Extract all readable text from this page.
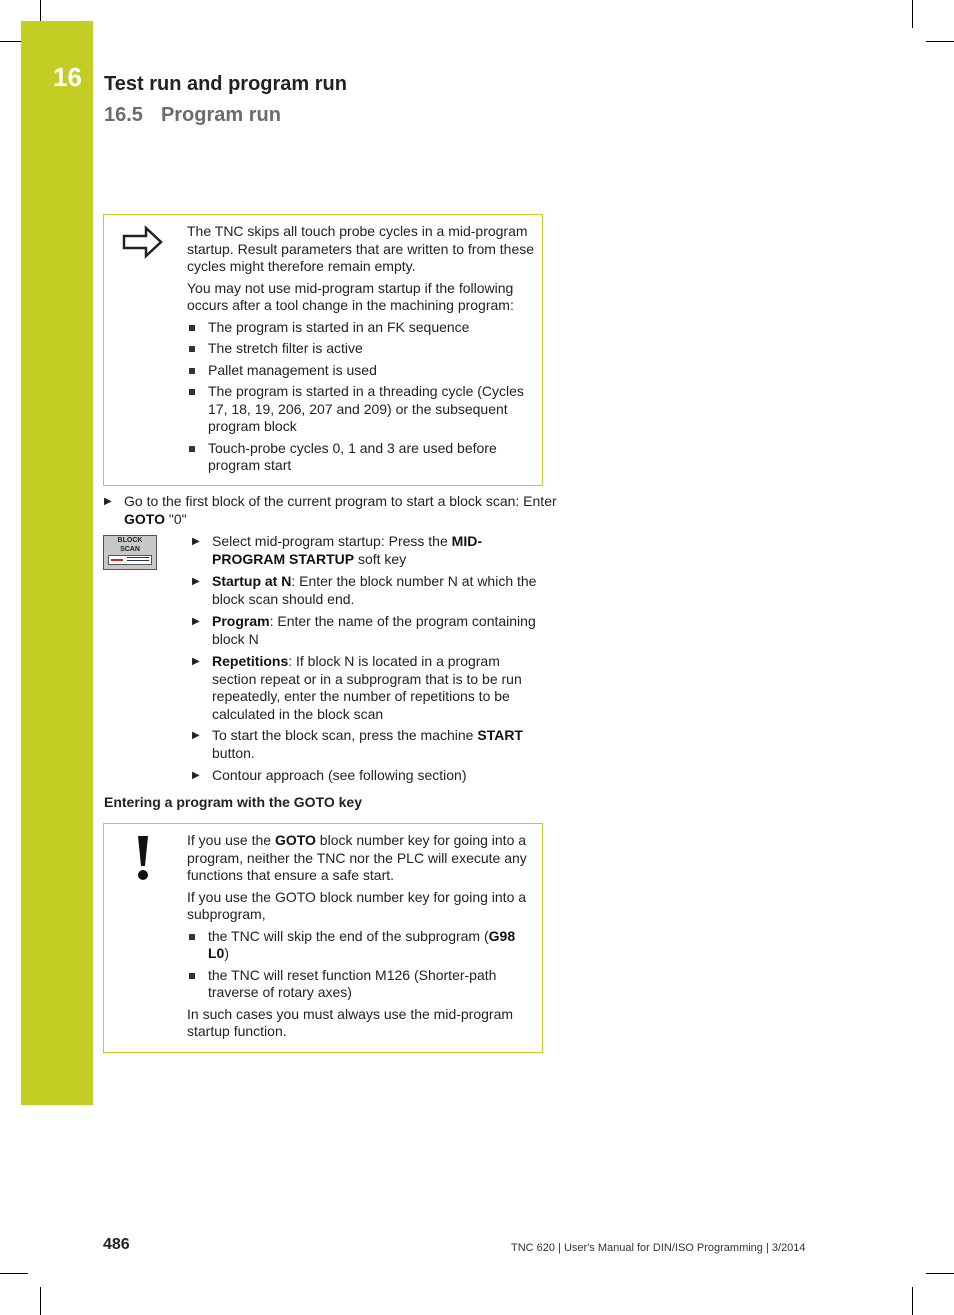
16 Test run and program run
16.5 Program run

The TNC skips all touch probe cycles in a mid-program startup. Result parameters that are written to from these cycles might therefore remain empty.

You may not use mid-program startup if the following occurs after a tool change in the machining program:

The program is started in an FK sequence
The stretch filter is active
Pallet management is used
The program is started in a threading cycle (Cycles 17, 18, 19, 206, 207 and 209) or the subsequent program block
Touch-probe cycles 0, 1 and 3 are used before program start
▶ Go to the first block of the current program to start a block scan: Enter GOTO "0"
BLOCK
SCAN
▶ Select mid-program startup: Press the MID-PROGRAM STARTUP soft key
▶ Startup at N: Enter the block number N at which the block scan should end.
▶ Program: Enter the name of the program containing block N
▶ Repetitions: If block N is located in a program section repeat or in a subprogram that is to be run repeatedly, enter the number of repetitions to be calculated in the block scan
▶ To start the block scan, press the machine START button.
▶ Contour approach (see following section)
Entering a program with the GOTO key

If you use the GOTO block number key for going into a program, neither the TNC nor the PLC will execute any functions that ensure a safe start.

If you use the GOTO block number key for going into a subprogram,

the TNC will skip the end of the subprogram (G98 L0)
the TNC will reset function M126 (Shorter-path traverse of rotary axes)

In such cases you must always use the mid-program startup function.

486	TNC 620 | User's Manual for DIN/ISO Programming | 3/2014
